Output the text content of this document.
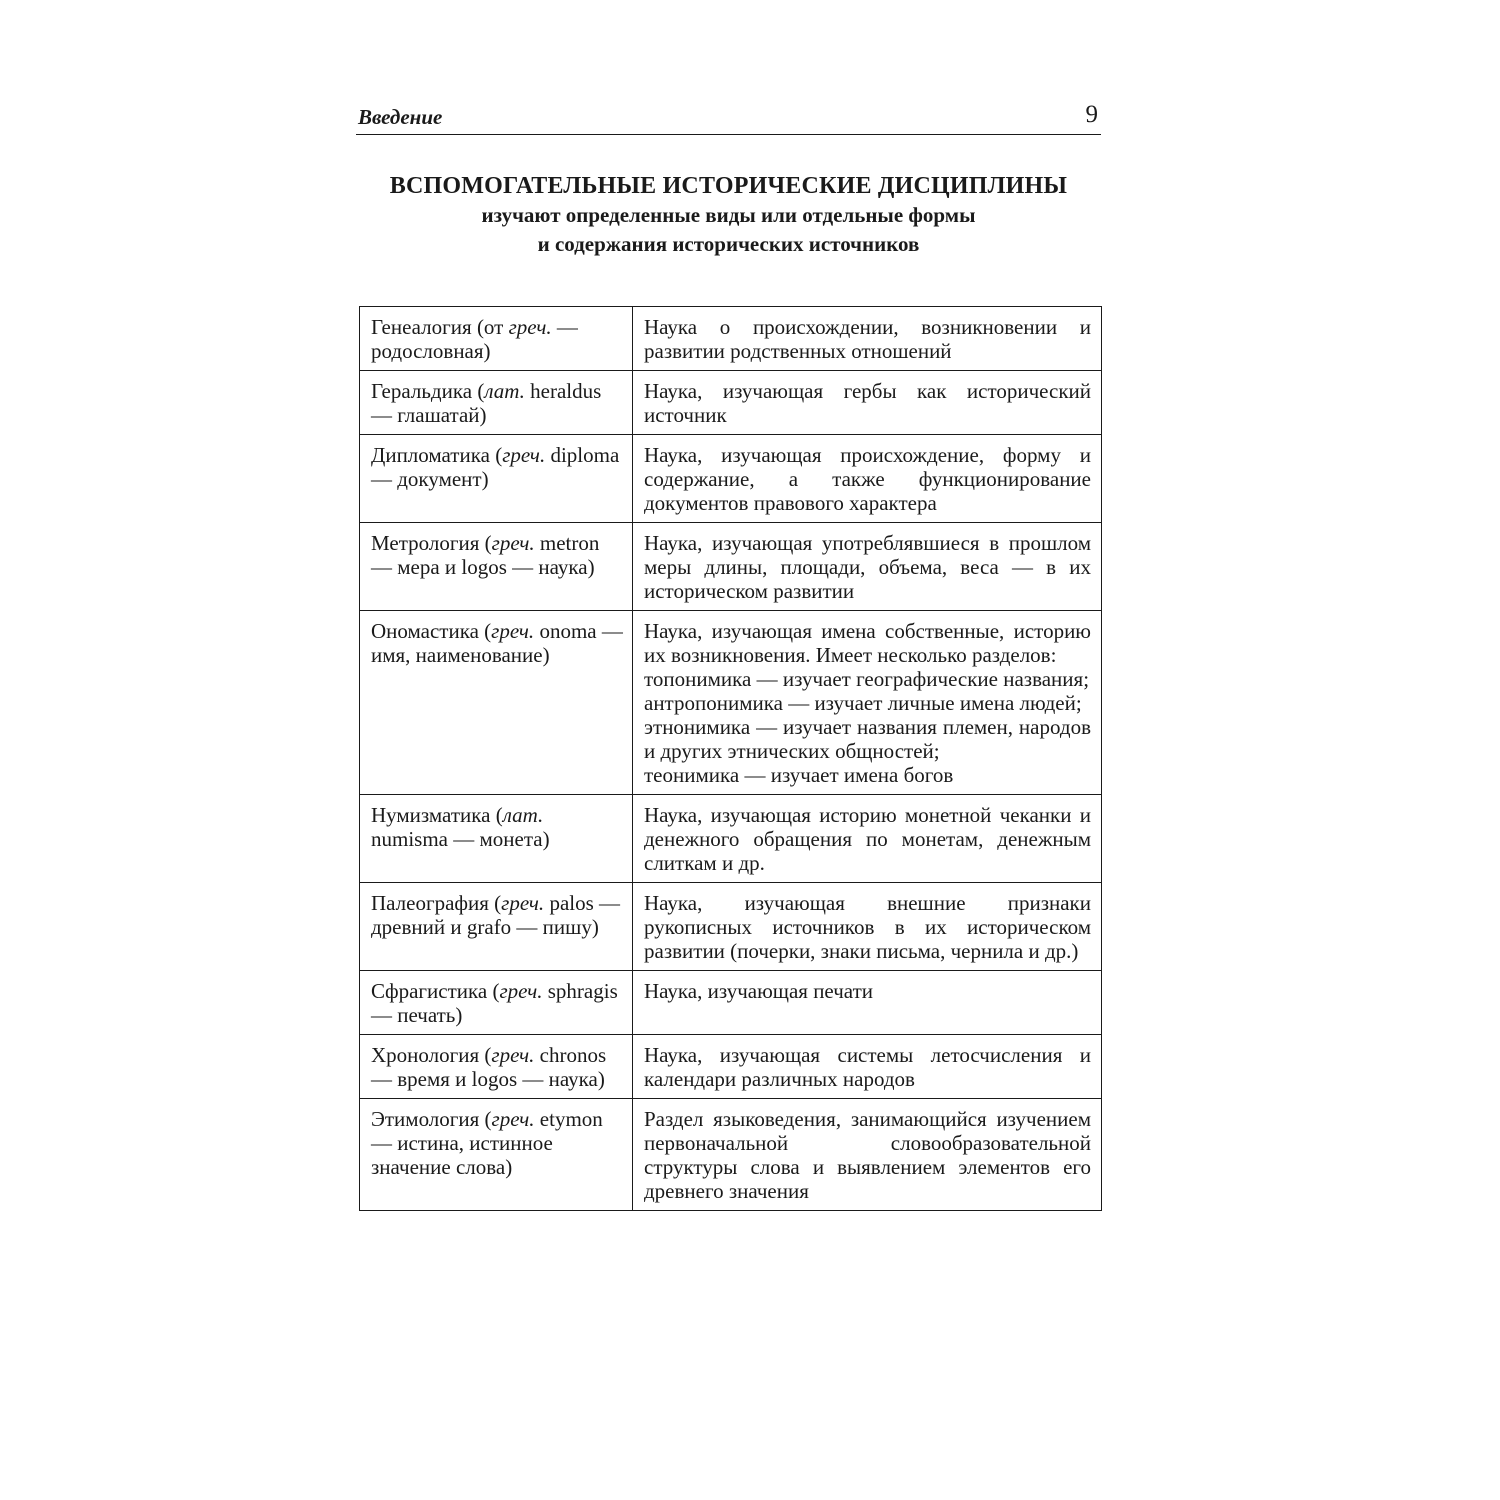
Введение	9
ВСПОМОГАТЕЛЬНЫЕ ИСТОРИЧЕСКИЕ ДИСЦИПЛИНЫ
изучают определенные виды или отдельные формы
и содержания исторических источников
Генеалогия (от греч. — родословная)	Наука о происхождении, возникновении и развитии родственных отношений

Геральдика (лат. heraldus — глашатай)	Наука, изучающая гербы как исторический источник

Дипломатика (греч. diploma — документ)	Наука, изучающая происхождение, форму и содержание, а также функционирование документов правового характера

Метрология (греч. metron — мера и logos — наука)	Наука, изучающая употреблявшиеся в прошлом меры длины, площади, объема, веса — в их историческом развитии

Ономастика (греч. onoma — имя, наименование)	Наука, изучающая имена собственные, историю их возникновения. Имеет несколько разделов:
топонимика — изучает географические названия;
антропонимика — изучает личные имена людей;
этнонимика — изучает названия племен, народов и других этнических общностей;
теонимика — изучает имена богов

Нумизматика (лат. numisma — монета)	Наука, изучающая историю монетной чеканки и денежного обращения по монетам, денежным слиткам и др.

Палеография (греч. palos — древний и grafo — пишу)	Наука, изучающая внешние признаки рукописных источников в их историческом развитии (почерки, знаки письма, чернила и др.)

Сфрагистика (греч. sphragis — печать)	Наука, изучающая печати

Хронология (греч. chronos — время и logos — наука)	Наука, изучающая системы летосчисления и календари различных народов

Этимология (греч. etymon — истина, истинное значение слова)	Раздел языковедения, занимающийся изучением первоначальной словообразовательной структуры слова и выявлением элементов его древнего значения
